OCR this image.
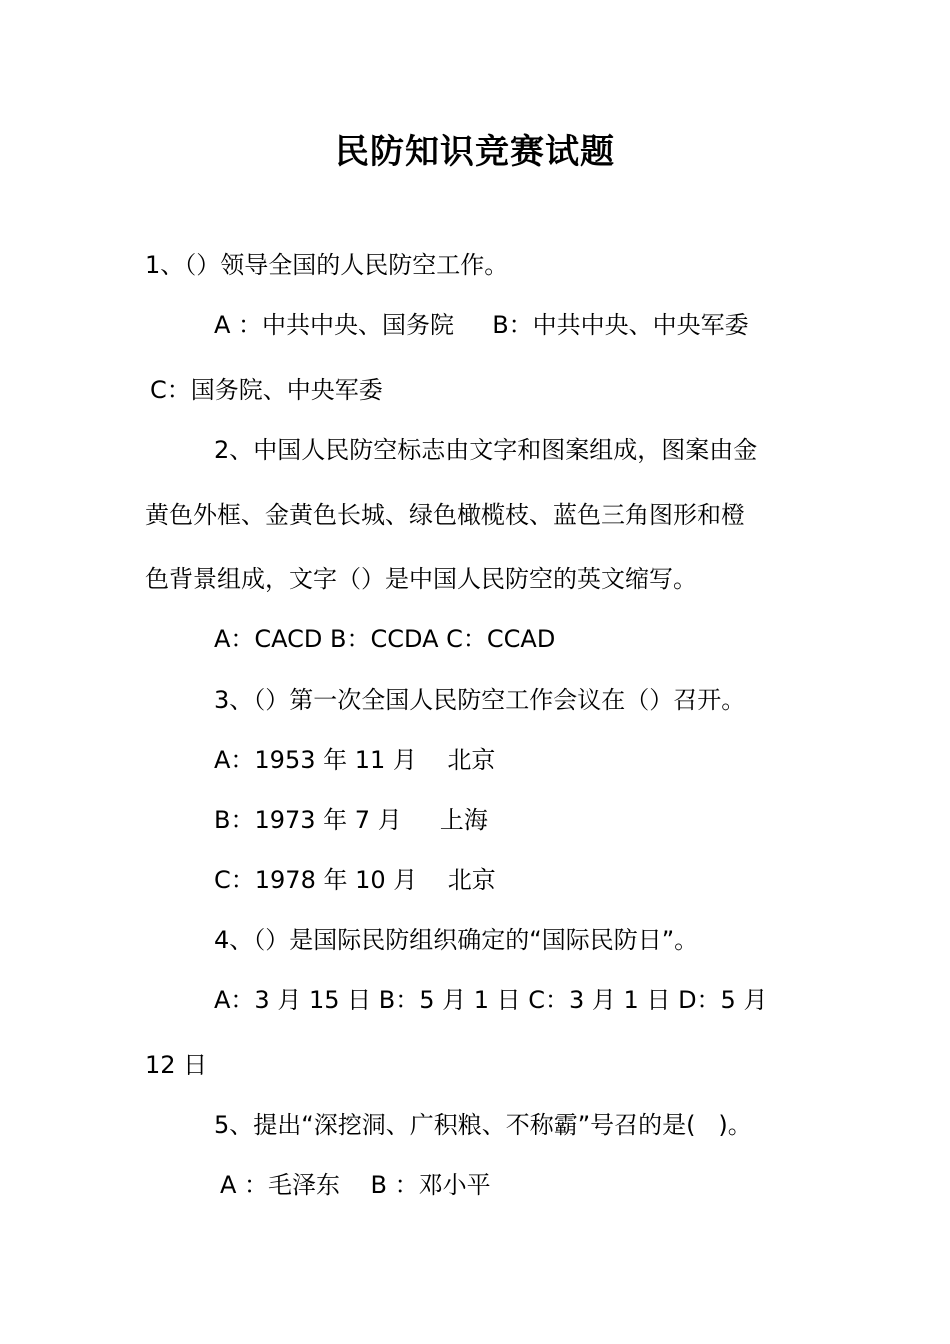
民防知识竞赛试题
1、（）领导全国的人民防空工作。
A ：中共中央、国务院     B：中共中央、中央军委
C：国务院、中央军委
2、中国人民防空标志由文字和图案组成，图案由金
黄色外框、金黄色长城、绿色橄榄枝、蓝色三角图形和橙
色背景组成，文字（）是中国人民防空的英文缩写。
A：CACD B：CCDA C：CCAD
3、（）第一次全国人民防空工作会议在（）召开。
A：1953 年 11 月    北京
B：1973 年 7 月     上海
C：1978 年 10 月    北京
4、（）是国际民防组织确定的“国际民防日”。
A：3 月 15 日 B：5 月 1 日 C：3 月 1 日 D：5 月
12 日
5、提出“深挖洞、广积粮、不称霸”号召的是(   )。
A ：毛泽东    B ：邓小平
